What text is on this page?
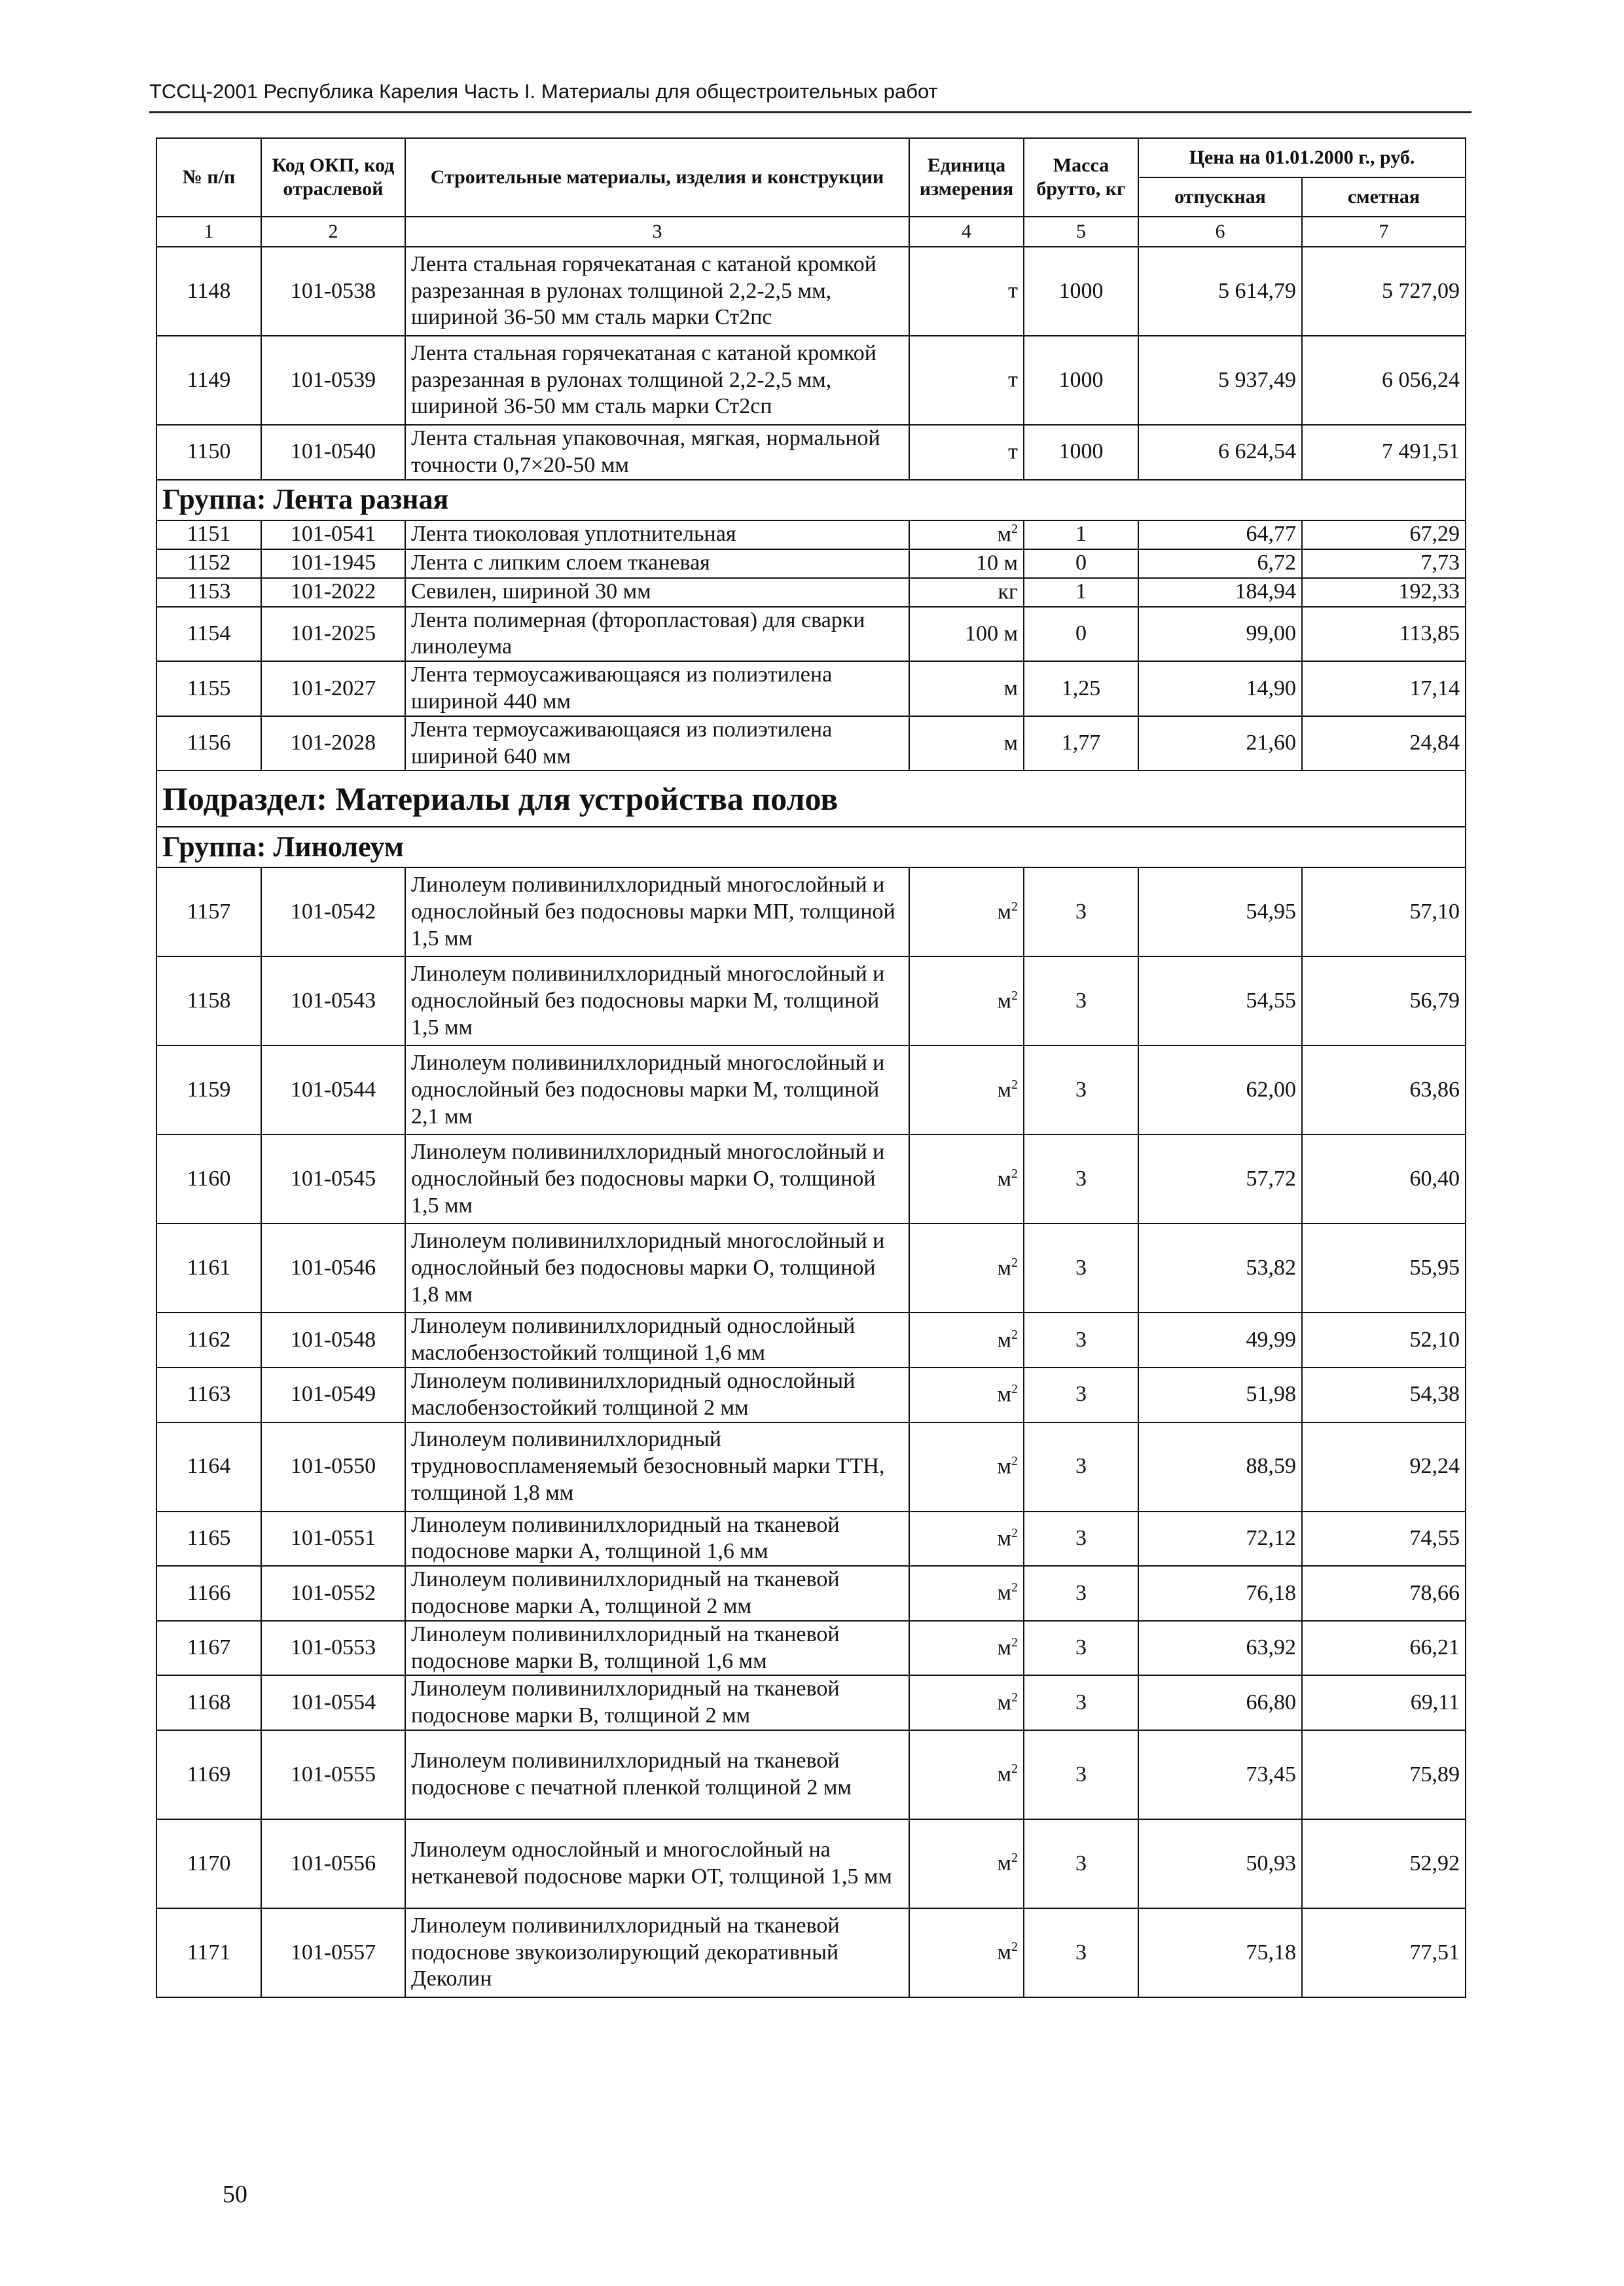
ТССЦ-2001 Республика Карелия Часть I. Материалы для общестроительных работ
№ п/п	Код ОКП, код отраслевой	Строительные материалы, изделия и конструкции	Единица измерения	Масса брутто, кг	Цена на 01.01.2000 г., руб.	
					отпускная	сметная
1	2	3	4	5	6	7
1148	101-0538	Лента стальная горячекатаная с катаной кромкой разрезанная в рулонах толщиной 2,2-2,5 мм, шириной 36-50 мм сталь марки Ст2пс	т	1000	5 614,79	5 727,09
1149	101-0539	Лента стальная горячекатаная с катаной кромкой разрезанная в рулонах толщиной 2,2-2,5 мм, шириной 36-50 мм сталь марки Ст2сп	т	1000	5 937,49	6 056,24
1150	101-0540	Лента стальная упаковочная, мягкая, нормальной точности 0,7×20-50 мм	т	1000	6 624,54	7 491,51
Группа: Лента разная						
1151	101-0541	Лента тиоколовая уплотнительная	$м^2$	1	64,77	67,29
1152	101-1945	Лента с липким слоем тканевая	10 м	0	6,72	7,73
1153	101-2022	Севилен, шириной 30 мм	кг	1	184,94	192,33
1154	101-2025	Лента полимерная (фторопластовая) для сварки линолеума	100 м	0	99,00	113,85
1155	101-2027	Лента термоусаживающаяся из полиэтилена шириной 440 мм	м	1,25	14,90	17,14
1156	101-2028	Лента термоусаживающаяся из полиэтилена шириной 640 мм	м	1,77	21,60	24,84
Подраздел: Материалы для устройства полов						
Группа: Линолеум						
1157	101-0542	Линолеум поливинилхлоридный многослойный и однослойный без подосновы марки МП, толщиной 1,5 мм	$м^2$	3	54,95	57,10
1158	101-0543	Линолеум поливинилхлоридный многослойный и однослойный без подосновы марки М, толщиной 1,5 мм	$м^2$	3	54,55	56,79
1159	101-0544	Линолеум поливинилхлоридный многослойный и однослойный без подосновы марки М, толщиной 2,1 мм	$м^2$	3	62,00	63,86
1160	101-0545	Линолеум поливинилхлоридный многослойный и однослойный без подосновы марки О, толщиной 1,5 мм	$м^2$	3	57,72	60,40
1161	101-0546	Линолеум поливинилхлоридный многослойный и однослойный без подосновы марки О, толщиной 1,8 мм	$м^2$	3	53,82	55,95
1162	101-0548	Линолеум поливинилхлоридный однослойный маслобензостойкий толщиной 1,6 мм	$м^2$	3	49,99	52,10
1163	101-0549	Линолеум поливинилхлоридный однослойный маслобензостойкий толщиной 2 мм	$м^2$	3	51,98	54,38
1164	101-0550	Линолеум поливинилхлоридный трудновоспламеняемый безосновный марки ТТН, толщиной 1,8 мм	$м^2$	3	88,59	92,24
1165	101-0551	Линолеум поливинилхлоридный на тканевой подоснове марки А, толщиной 1,6 мм	$м^2$	3	72,12	74,55
1166	101-0552	Линолеум поливинилхлоридный на тканевой подоснове марки А, толщиной 2 мм	$м^2$	3	76,18	78,66
1167	101-0553	Линолеум поливинилхлоридный на тканевой подоснове марки В, толщиной 1,6 мм	$м^2$	3	63,92	66,21
1168	101-0554	Линолеум поливинилхлоридный на тканевой подоснове марки В, толщиной 2 мм	$м^2$	3	66,80	69,11
1169	101-0555	Линолеум поливинилхлоридный на тканевой подоснове с печатной пленкой толщиной 2 мм	$м^2$	3	73,45	75,89
1170	101-0556	Линолеум однослойный и многослойный на нетканевой подоснове марки ОТ, толщиной 1,5 мм	$м^2$	3	50,93	52,92
1171	101-0557	Линолеум поливинилхлоридный на тканевой подоснове звукоизолирующий декоративный Деколин	$м^2$	3	75,18	77,51
50
